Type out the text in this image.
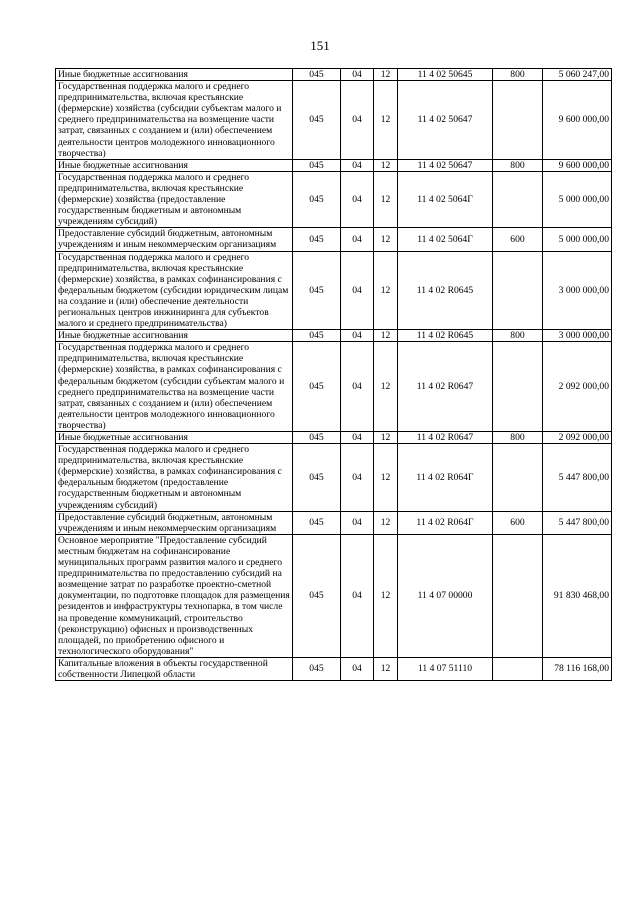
151
Иные бюджетные ассигнования	045	04	12	11 4 02 50645	800	5 060 247,00
Государственная поддержка малого и среднего предпринимательства, включая крестьянские (фермерские) хозяйства (субсидии субъектам малого и среднего предпринимательства на возмещение части затрат, связанных с созданием и (или) обеспечением деятельности центров молодежного инновационного творчества)	045	04	12	11 4 02 50647		9 600 000,00
Иные бюджетные ассигнования	045	04	12	11 4 02 50647	800	9 600 000,00
Государственная поддержка малого и среднего предпринимательства, включая крестьянские (фермерские) хозяйства (предоставление государственным бюджетным и автономным учреждениям субсидий)	045	04	12	11 4 02 5064Г		5 000 000,00
Предоставление субсидий бюджетным, автономным учреждениям и иным некоммерческим организациям	045	04	12	11 4 02 5064Г	600	5 000 000,00
Государственная поддержка малого и среднего предпринимательства, включая крестьянские (фермерские) хозяйства, в рамках софинансирования с федеральным бюджетом (субсидии юридическим лицам на создание и (или) обеспечение деятельности региональных центров инжиниринга для субъектов малого и среднего предпринимательства)	045	04	12	11 4 02 R0645		3 000 000,00
Иные бюджетные ассигнования	045	04	12	11 4 02 R0645	800	3 000 000,00
Государственная поддержка малого и среднего предпринимательства, включая крестьянские (фермерские) хозяйства, в рамках софинансирования с федеральным бюджетом (субсидии субъектам малого и среднего предпринимательства на возмещение части затрат, связанных с созданием и (или) обеспечением деятельности центров молодежного инновационного творчества)	045	04	12	11 4 02 R0647		2 092 000,00
Иные бюджетные ассигнования	045	04	12	11 4 02 R0647	800	2 092 000,00
Государственная поддержка малого и среднего предпринимательства, включая крестьянские (фермерские) хозяйства, в рамках софинансирования с федеральным бюджетом (предоставление государственным бюджетным и автономным учреждениям субсидий)	045	04	12	11 4 02 R064Г		5 447 800,00
Предоставление субсидий бюджетным, автономным учреждениям и иным некоммерческим организациям	045	04	12	11 4 02 R064Г	600	5 447 800,00
Основное мероприятие "Предоставление субсидий местным бюджетам на софинансирование муниципальных программ развития малого и среднего предпринимательства по предоставлению субсидий на возмещение затрат по разработке проектно-сметной документации, по подготовке площадок для размещения резидентов и инфраструктуры технопарка, в том числе на проведение коммуникаций, строительство (реконструкцию) офисных и производственных площадей, по приобретению офисного и технологического оборудования"	045	04	12	11 4 07 00000		91 830 468,00
Капитальные вложения в объекты государственной собственности Липецкой области	045	04	12	11 4 07 51110		78 116 168,00
